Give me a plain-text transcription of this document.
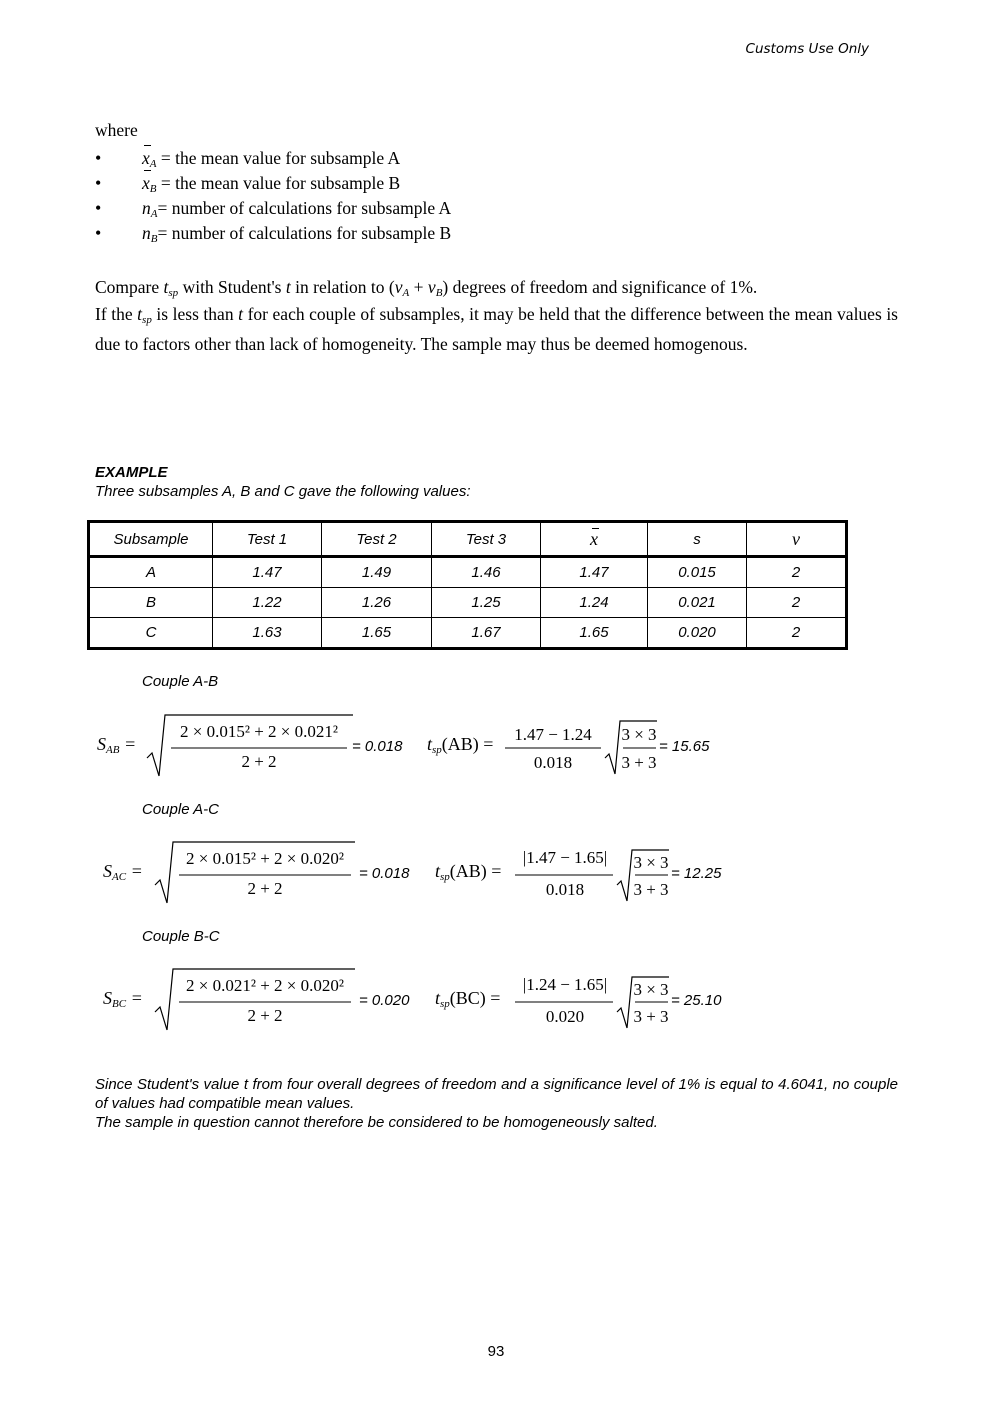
Customs Use Only
where
• $x_A$ = the mean value for subsample A
• $x_B$ = the mean value for subsample B
• $n_A=$ number of calculations for subsample A
• $n_B=$ number of calculations for subsample B
Compare $t_{sp}$ with Student's t in relation to $(\nu_A + \nu_B)$ degrees of freedom and significance of 1%.
If the $t_{sp}$ is less than t for each couple of subsamples, it may be held that the difference between the mean values is due to factors other than lack of homogeneity. The sample may thus be deemed homogenous.
EXAMPLE
Three subsamples A, B and C gave the following values:
Subsample	Test 1	Test 2	Test 3	x	s	ν
A	1.47	1.49	1.46	1.47	0.015	2
B	1.22	1.26	1.25	1.24	0.021	2
C	1.63	1.65	1.67	1.65	0.020	2
Couple A-B
$S_{AB}$ =
2 × 0.015² + 2 × 0.021²
2 + 2
= 0.018 $t_{sp}(AB) = 1.47 - 1.24$
0.018
3 × 3
3 + 3
= 15.65
Couple A-C
$S_{AC}$ =
2 × 0.015² + 2 × 0.020²
2 + 2
= 0.018 $t_{sp}(AB)$ =
|1.47 − 1.65|
0.018
3 × 3
3 + 3
= 12.25
Couple B-C
$S_{BC}$ =
2 × 0.021² + 2 × 0.020²
2 + 2
= 0.020 $t_{sp}(BC)$ =
|1.24 − 1.65|
0.020
3 × 3
3 + 3
= 25.10

Since Student's value t from four overall degrees of freedom and a significance level of 1% is equal to 4.6041, no couple of values had compatible mean values.

The sample in question cannot therefore be considered to be homogeneously salted.

93
